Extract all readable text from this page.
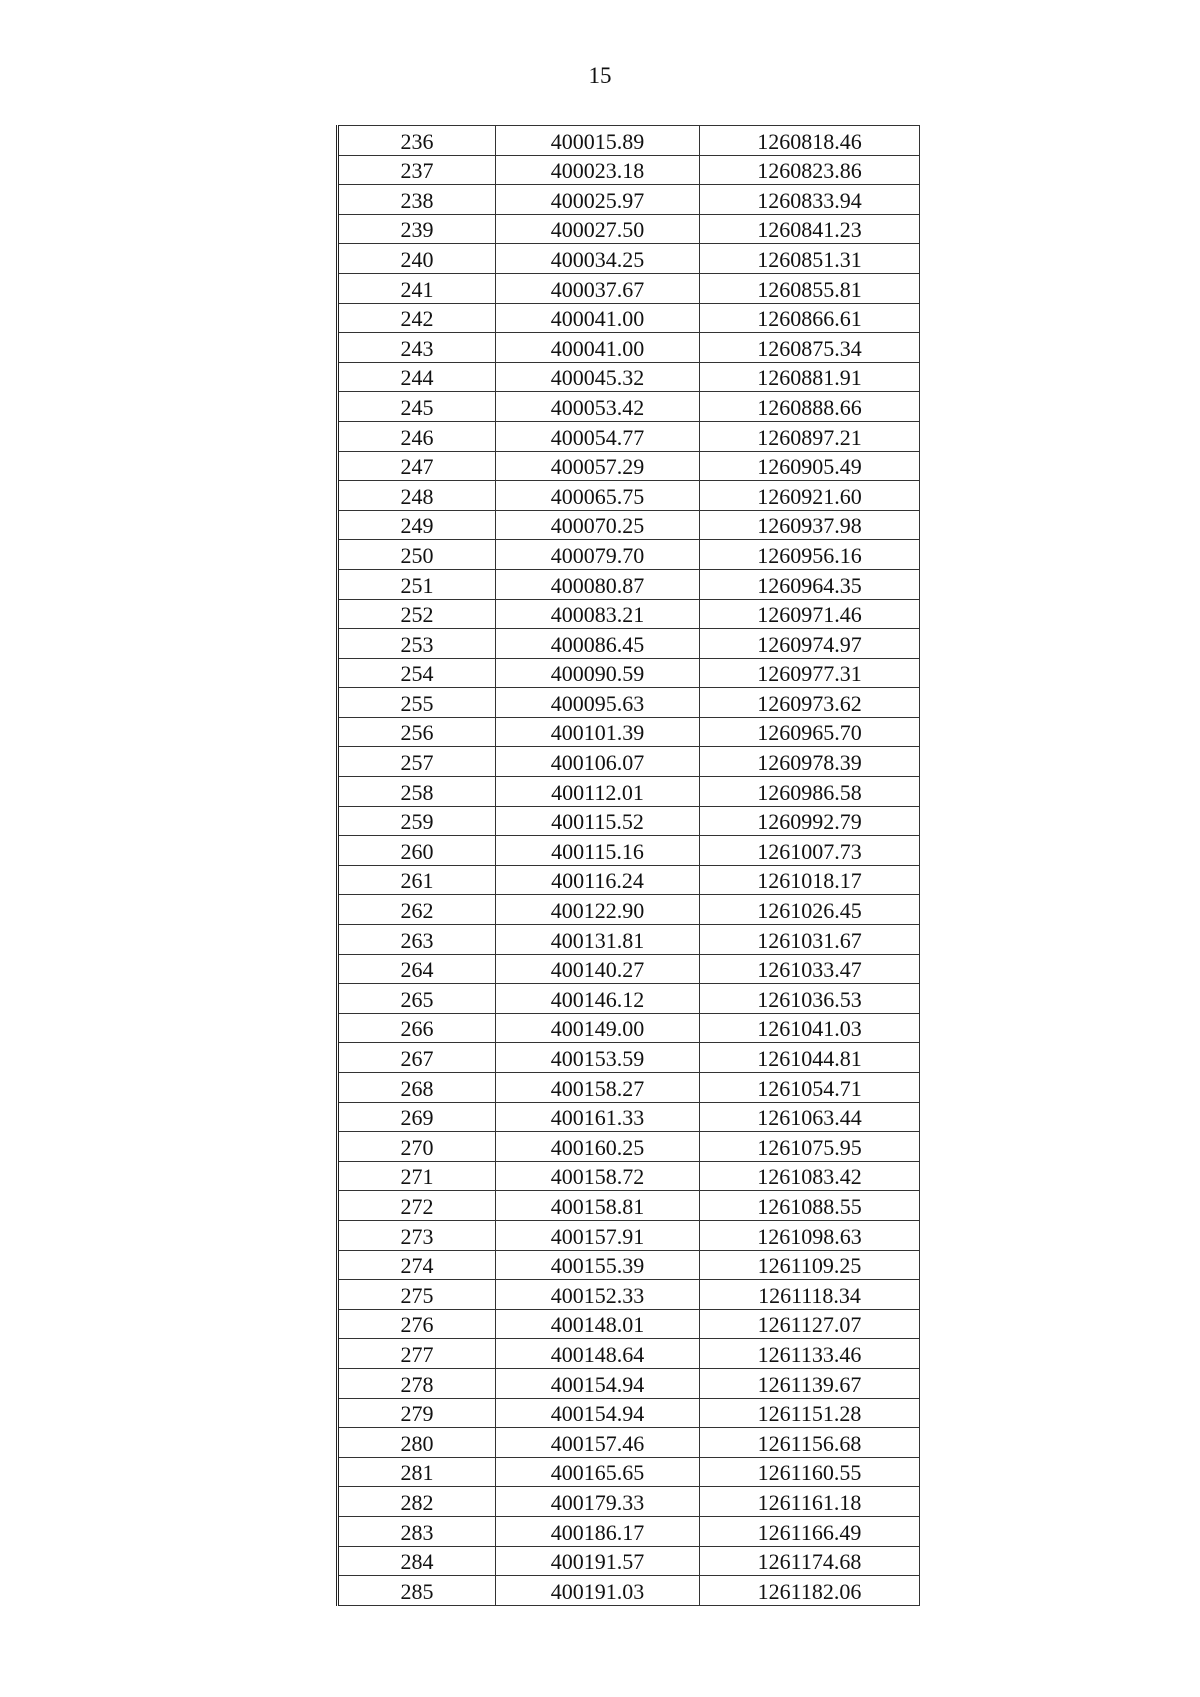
15
236	400015.89	1260818.46
237	400023.18	1260823.86
238	400025.97	1260833.94
239	400027.50	1260841.23
240	400034.25	1260851.31
241	400037.67	1260855.81
242	400041.00	1260866.61
243	400041.00	1260875.34
244	400045.32	1260881.91
245	400053.42	1260888.66
246	400054.77	1260897.21
247	400057.29	1260905.49
248	400065.75	1260921.60
249	400070.25	1260937.98
250	400079.70	1260956.16
251	400080.87	1260964.35
252	400083.21	1260971.46
253	400086.45	1260974.97
254	400090.59	1260977.31
255	400095.63	1260973.62
256	400101.39	1260965.70
257	400106.07	1260978.39
258	400112.01	1260986.58
259	400115.52	1260992.79
260	400115.16	1261007.73
261	400116.24	1261018.17
262	400122.90	1261026.45
263	400131.81	1261031.67
264	400140.27	1261033.47
265	400146.12	1261036.53
266	400149.00	1261041.03
267	400153.59	1261044.81
268	400158.27	1261054.71
269	400161.33	1261063.44
270	400160.25	1261075.95
271	400158.72	1261083.42
272	400158.81	1261088.55
273	400157.91	1261098.63
274	400155.39	1261109.25
275	400152.33	1261118.34
276	400148.01	1261127.07
277	400148.64	1261133.46
278	400154.94	1261139.67
279	400154.94	1261151.28
280	400157.46	1261156.68
281	400165.65	1261160.55
282	400179.33	1261161.18
283	400186.17	1261166.49
284	400191.57	1261174.68
285	400191.03	1261182.06
